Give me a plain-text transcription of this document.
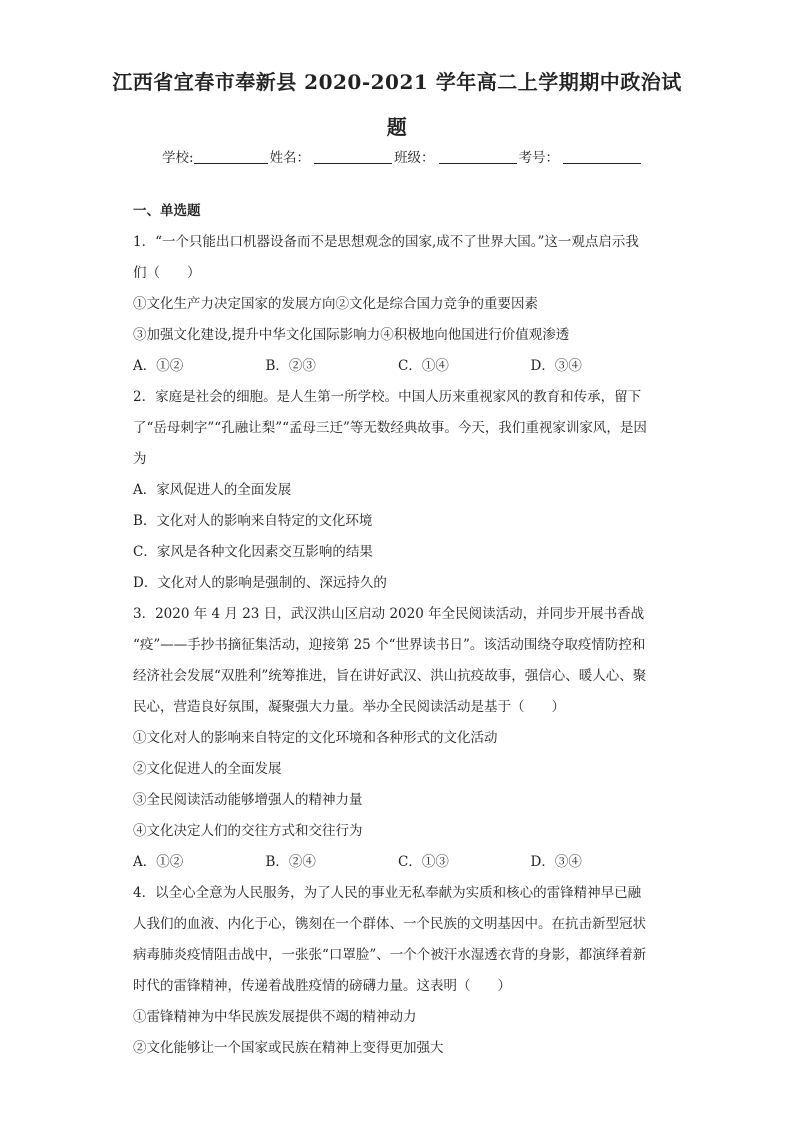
江西省宜春市奉新县 2020-2021 学年高二上学期期中政治试
题
学校:	姓名：	班级：	考号：
一、单选题
1．“一个只能出口机器设备而不是思想观念的国家,成不了世界大国。”这一观点启示我
们（　　）
①文化生产力决定国家的发展方向②文化是综合国力竞争的重要因素
③加强文化建设,提升中华文化国际影响力④积极地向他国进行价值观渗透
A．①②	B．②③	C．①④	D．③④
2．家庭是社会的细胞。是人生第一所学校。中国人历来重视家风的教育和传承，留下
了“岳母刺字”“孔融让梨”“孟母三迁”等无数经典故事。今天，我们重视家训家风，是因
为
A．家风促进人的全面发展
B．文化对人的影响来自特定的文化环境
C．家风是各种文化因素交互影响的结果
D．文化对人的影响是强制的、深远持久的
3．2020 年 4 月 23 日，武汉洪山区启动 2020 年全民阅读活动，并同步开展书香战
“疫”——手抄书摘征集活动，迎接第 25 个“世界读书日”。该活动围绕夺取疫情防控和
经济社会发展“双胜利”统筹推进，旨在讲好武汉、洪山抗疫故事，强信心、暖人心、聚
民心，营造良好氛围，凝聚强大力量。举办全民阅读活动是基于（　　）
①文化对人的影响来自特定的文化环境和各种形式的文化活动
②文化促进人的全面发展
③全民阅读活动能够增强人的精神力量
④文化决定人们的交往方式和交往行为
A．①②	B．②④	C．①③	D．③④
4．以全心全意为人民服务，为了人民的事业无私奉献为实质和核心的雷锋精神早已融
人我们的血液、内化于心，镌刻在一个群体、一个民族的文明基因中。在抗击新型冠状
病毒肺炎疫情阻击战中，一张张“口罩脸”、一个个被汗水湿透衣背的身影，都演绎着新
时代的雷锋精神，传递着战胜疫情的磅礴力量。这表明（　　）
①雷锋精神为中华民族发展提供不竭的精神动力
②文化能够让一个国家或民族在精神上变得更加强大
